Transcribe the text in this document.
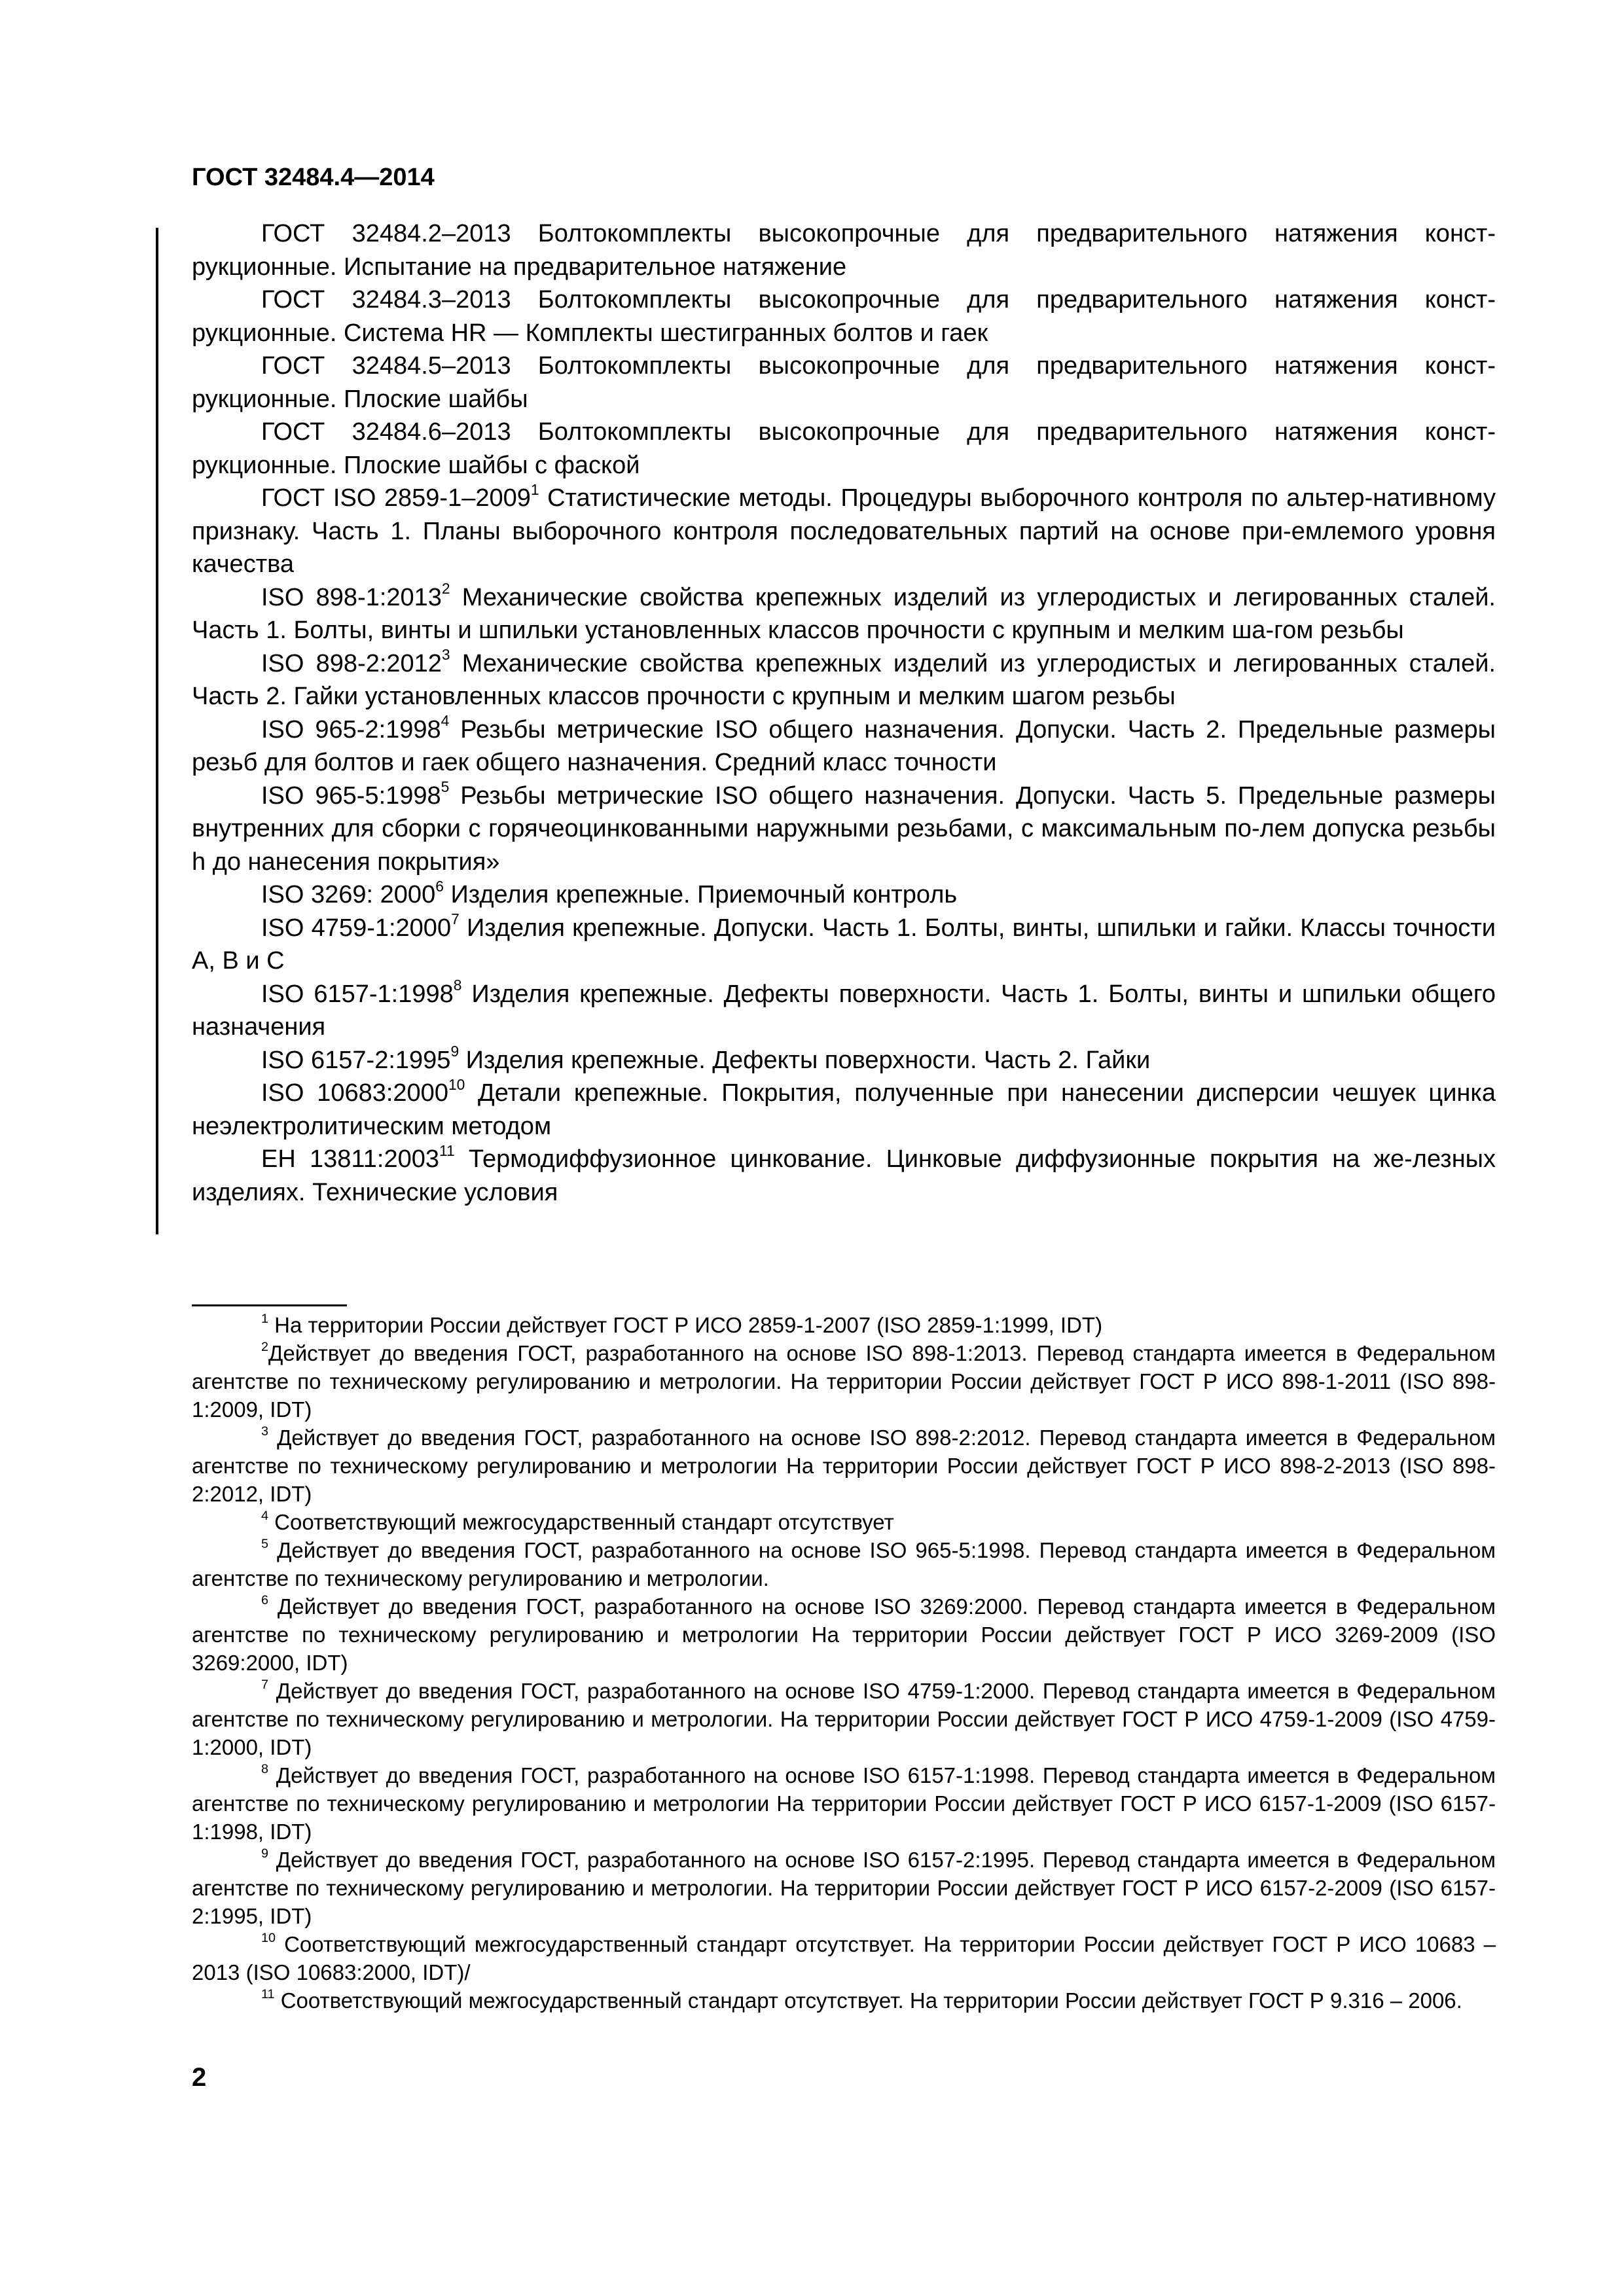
ГОСТ 32484.4—2014

ГОСТ 32484.2–2013 Болтокомплекты высокопрочные для предварительного натяжения конст-рукционные. Испытание на предварительное натяжение

ГОСТ 32484.3–2013 Болтокомплекты высокопрочные для предварительного натяжения конст-рукционные. Система HR — Комплекты шестигранных болтов и гаек

ГОСТ 32484.5–2013 Болтокомплекты высокопрочные для предварительного натяжения конст-рукционные. Плоские шайбы

ГОСТ 32484.6–2013 Болтокомплекты высокопрочные для предварительного натяжения конст-рукционные. Плоские шайбы с фаской

ГОСТ ISO 2859-1–2009$^1$ Статистические методы. Процедуры выборочного контроля по альтер-нативному признаку. Часть 1. Планы выборочного контроля последовательных партий на основе при-емлемого уровня качества

ISO 898-1:2013$^2$ Механические свойства крепежных изделий из углеродистых и легированных сталей. Часть 1. Болты, винты и шпильки установленных классов прочности с крупным и мелким ша-гом резьбы

ISO 898-2:2012$^3$ Механические свойства крепежных изделий из углеродистых и легированных сталей. Часть 2. Гайки установленных классов прочности с крупным и мелким шагом резьбы

ISO 965-2:1998$^4$ Резьбы метрические ISO общего назначения. Допуски. Часть 2. Предельные размеры резьб для болтов и гаек общего назначения. Средний класс точности

ISO 965-5:1998$^5$ Резьбы метрические ISO общего назначения. Допуски. Часть 5. Предельные размеры внутренних для сборки с горячеоцинкованными наружными резьбами, с максимальным по-лем допуска резьбы h до нанесения покрытия»

ISO 3269: 2000$^6$ Изделия крепежные. Приемочный контроль

ISO 4759-1:2000$^7$ Изделия крепежные. Допуски. Часть 1. Болты, винты, шпильки и гайки. Классы точности A, B и C

ISO 6157-1:1998$^8$ Изделия крепежные. Дефекты поверхности. Часть 1. Болты, винты и шпильки общего назначения

ISO 6157-2:1995$^9$ Изделия крепежные. Дефекты поверхности. Часть 2. Гайки

ISO 10683:2000$^{10}$ Детали крепежные. Покрытия, полученные при нанесении дисперсии чешуек цинка неэлектролитическим методом

EH 13811:2003$^{11}$ Термодиффузионное цинкование. Цинковые диффузионные покрытия на же-лезных изделиях. Технические условия

$^1$ На территории России действует ГОСТ Р ИСО 2859-1-2007 (ISO 2859-1:1999, IDT)

$^2$Действует до введения ГОСТ, разработанного на основе ISO 898-1:2013. Перевод стандарта имеется в Федеральном агентстве по техническому регулированию и метрологии. На территории России действует ГОСТ Р ИСО 898-1-2011 (ISO 898-1:2009, IDT)

$^3$ Действует до введения ГОСТ, разработанного на основе ISO 898-2:2012. Перевод стандарта имеется в Федеральном агентстве по техническому регулированию и метрологии На территории России действует ГОСТ Р ИСО 898-2-2013 (ISO 898-2:2012, IDT)

$^4$ Соответствующий межгосударственный стандарт отсутствует

$^5$ Действует до введения ГОСТ, разработанного на основе ISO 965-5:1998. Перевод стандарта имеется в Федеральном агентстве по техническому регулированию и метрологии.

$^6$ Действует до введения ГОСТ, разработанного на основе ISO 3269:2000. Перевод стандарта имеется в Федеральном агентстве по техническому регулированию и метрологии На территории России действует ГОСТ Р ИСО 3269-2009 (ISO 3269:2000, IDT)

$^7$ Действует до введения ГОСТ, разработанного на основе ISO 4759-1:2000. Перевод стандарта имеется в Федеральном агентстве по техническому регулированию и метрологии. На территории России действует ГОСТ Р ИСО 4759-1-2009 (ISO 4759-1:2000, IDT)

$^8$ Действует до введения ГОСТ, разработанного на основе ISO 6157-1:1998. Перевод стандарта имеется в Федеральном агентстве по техническому регулированию и метрологии На территории России действует ГОСТ Р ИСО 6157-1-2009 (ISO 6157-1:1998, IDT)

$^9$ Действует до введения ГОСТ, разработанного на основе ISO 6157-2:1995. Перевод стандарта имеется в Федеральном агентстве по техническому регулированию и метрологии. На территории России действует ГОСТ Р ИСО 6157-2-2009 (ISO 6157-2:1995, IDT)

$^{10}$ Соответствующий межгосударственный стандарт отсутствует. На территории России действует ГОСТ Р ИСО 10683 – 2013 (ISO 10683:2000, IDT)/

$^{11}$ Соответствующий межгосударственный стандарт отсутствует. На территории России действует ГОСТ Р 9.316 – 2006.

2
